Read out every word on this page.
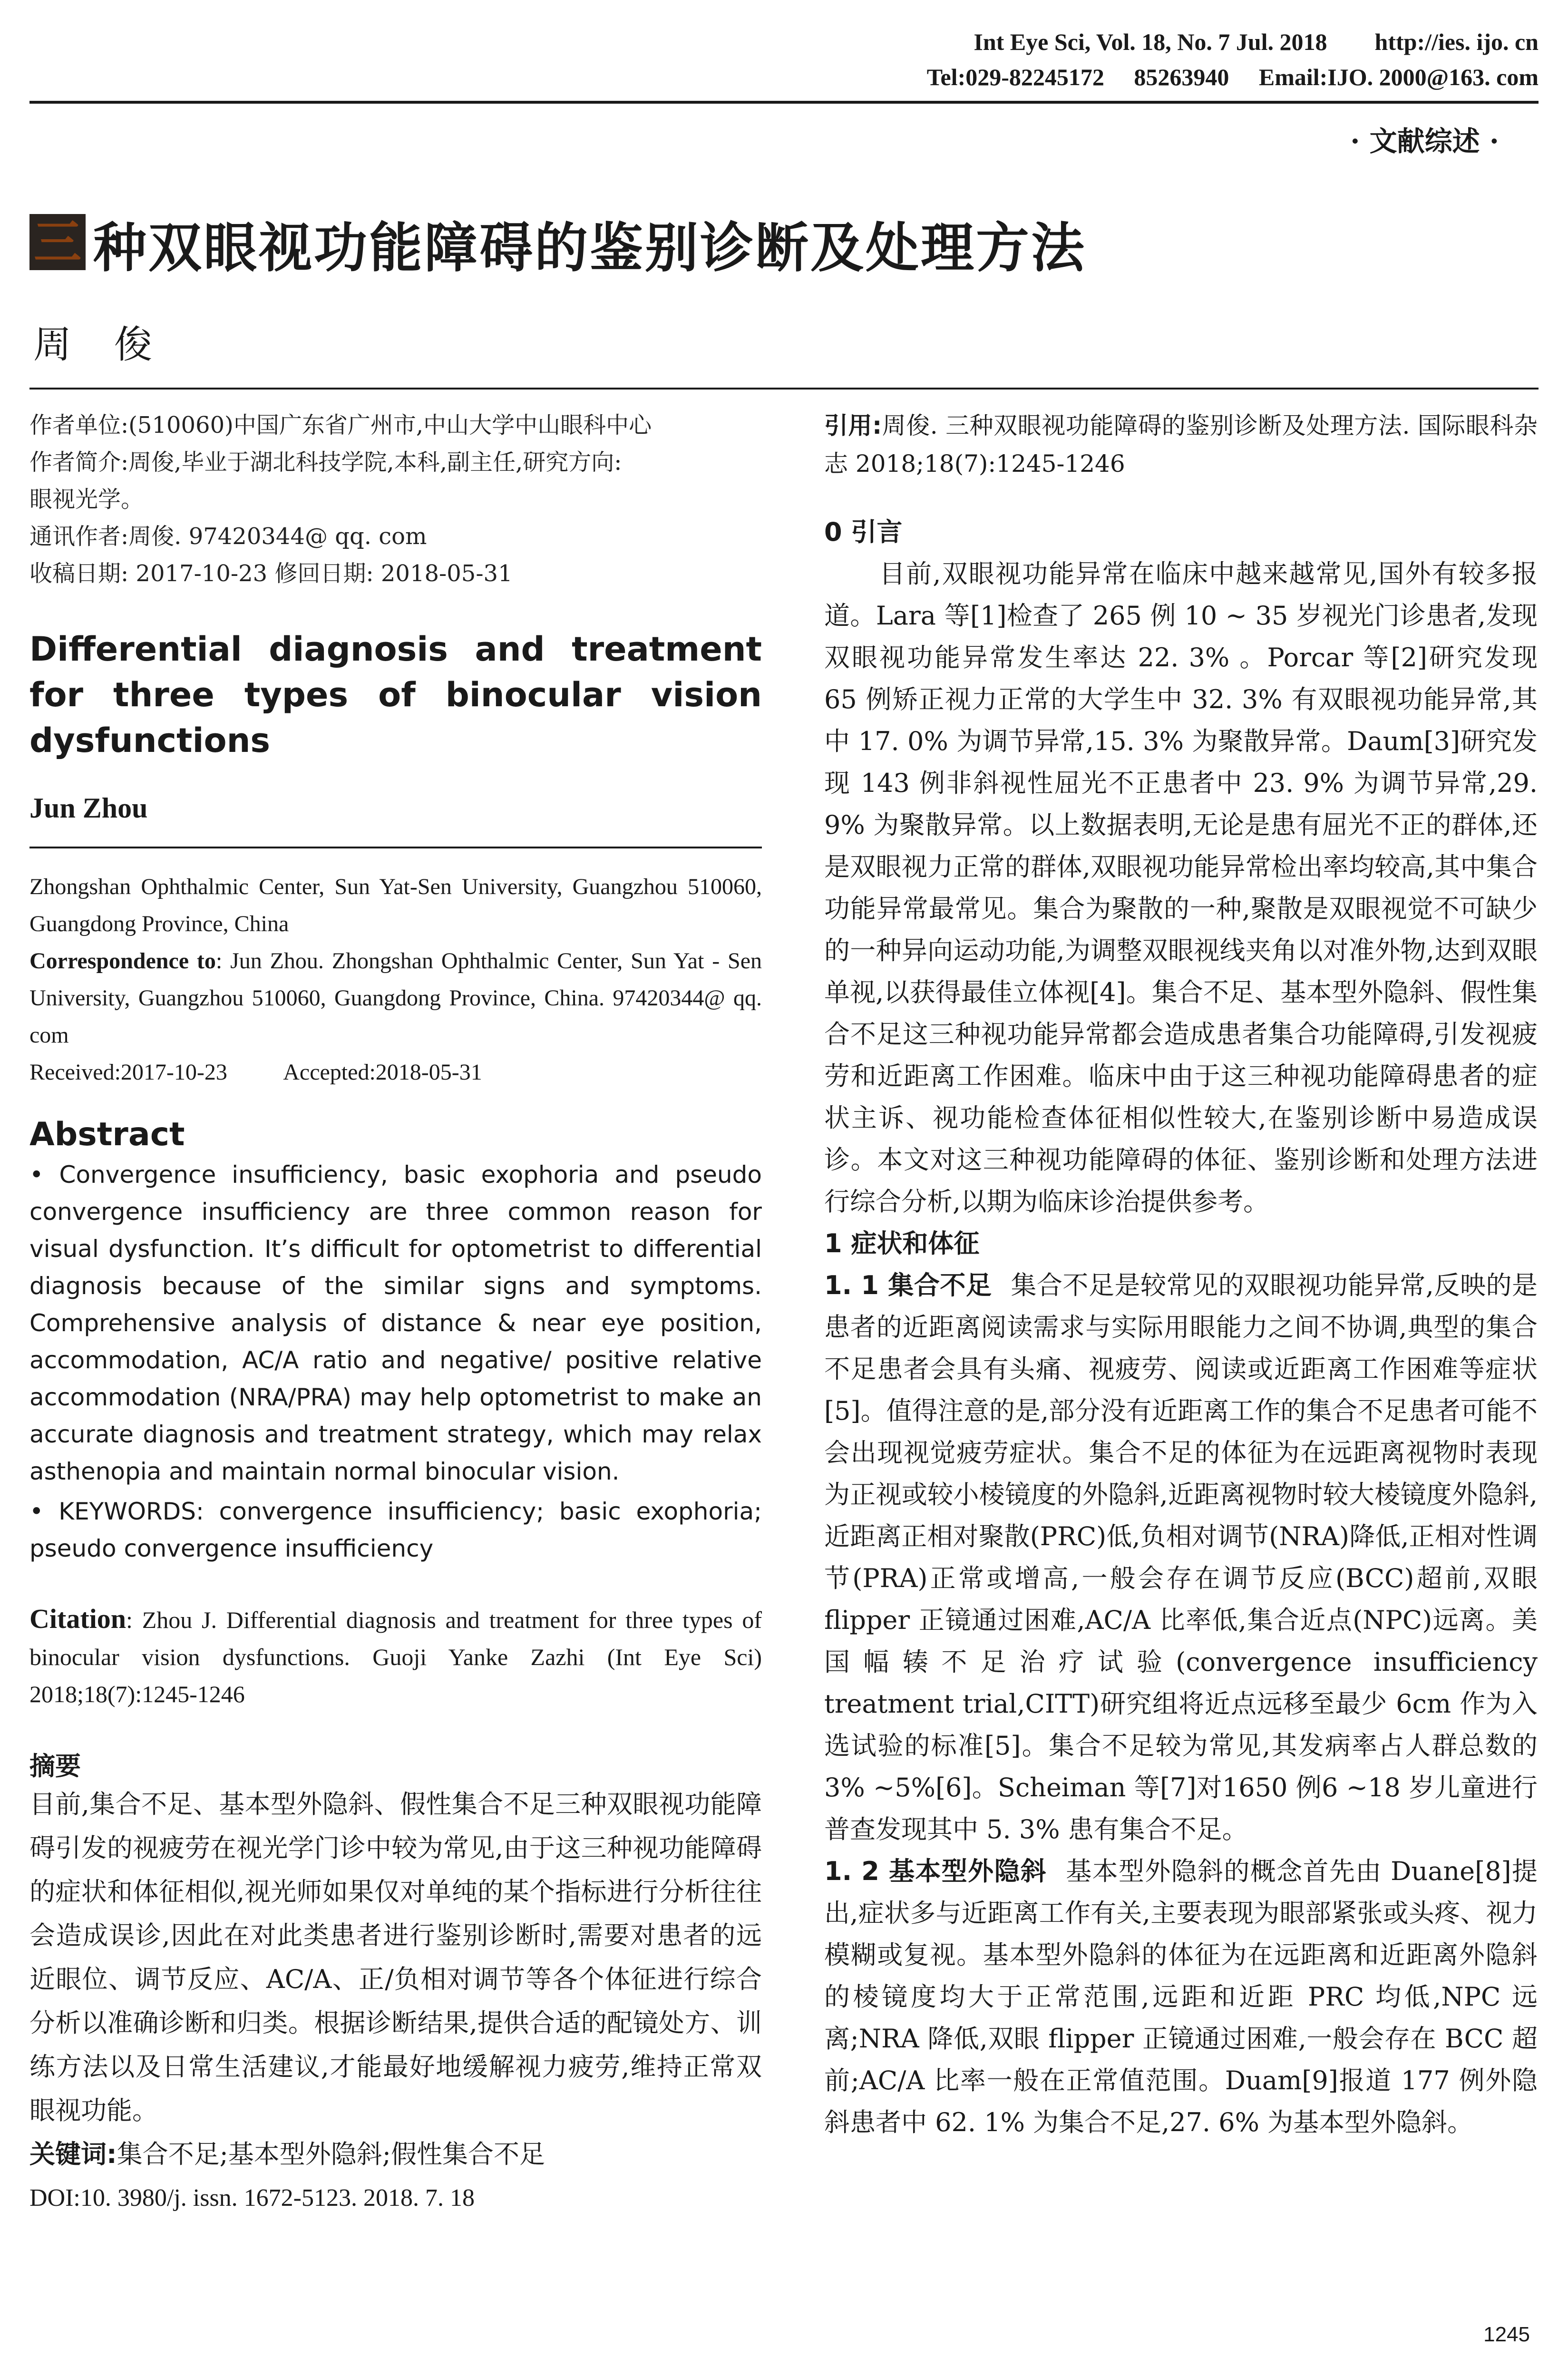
Int Eye Sci, Vol. 18, No. 7 Jul. 2018        http://ies. ijo. cn
Tel:029-82245172     85263940     Email:IJO. 2000@163. com
· 文献综述 ·
三 种双眼视功能障碍的鉴别诊断及处理方法
周俊
作者单位:(510060)中国广东省广州市,中山大学中山眼科中心
作者简介:周俊,毕业于湖北科技学院,本科,副主任,研究方向:
眼视光学。
通讯作者:周俊. 97420344@ qq. com
收稿日期: 2017-10-23 修回日期: 2018-05-31
Differential diagnosis and treatment for three types of binocular vision dysfunctions
Jun Zhou
Zhongshan Ophthalmic Center, Sun Yat-Sen University, Guangzhou 510060, Guangdong Province, China
Correspondence to: Jun Zhou. Zhongshan Ophthalmic Center, Sun Yat - Sen University, Guangzhou 510060, Guangdong Province, China. 97420344@ qq. com
Received:2017-10-23          Accepted:2018-05-31
Abstract
• Convergence insufficiency, basic exophoria and pseudo convergence insufficiency are three common reason for visual dysfunction. It’s difficult for optometrist to differential diagnosis because of the similar signs and symptoms. Comprehensive analysis of distance & near eye position, accommodation, AC/A ratio and negative/ positive relative accommodation (NRA/PRA) may help optometrist to make an accurate diagnosis and treatment strategy, which may relax asthenopia and maintain normal binocular vision.
• KEYWORDS: convergence insufficiency; basic exophoria; pseudo convergence insufficiency
Citation: Zhou J. Differential diagnosis and treatment for three types of binocular vision dysfunctions. Guoji Yanke Zazhi (Int Eye Sci) 2018;18(7):1245-1246
摘要
目前,集合不足、基本型外隐斜、假性集合不足三种双眼视功能障碍引发的视疲劳在视光学门诊中较为常见,由于这三种视功能障碍的症状和体征相似,视光师如果仅对单纯的某个指标进行分析往往会造成误诊,因此在对此类患者进行鉴别诊断时,需要对患者的远近眼位、调节反应、AC/A、正/负相对调节等各个体征进行综合分析以准确诊断和归类。根据诊断结果,提供合适的配镜处方、训练方法以及日常生活建议,才能最好地缓解视力疲劳,维持正常双眼视功能。
关键词:集合不足;基本型外隐斜;假性集合不足
DOI:10. 3980/j. issn. 1672-5123. 2018. 7. 18
引用:周俊. 三种双眼视功能障碍的鉴别诊断及处理方法. 国际眼科杂志 2018;18(7):1245-1246
0 引言
目前,双眼视功能异常在临床中越来越常见,国外有较多报道。Lara 等[1]检查了 265 例 10 ~ 35 岁视光门诊患者,发现双眼视功能异常发生率达 22. 3% 。Porcar 等[2]研究发现 65 例矫正视力正常的大学生中 32. 3% 有双眼视功能异常,其中 17. 0% 为调节异常,15. 3% 为聚散异常。Daum[3]研究发现 143 例非斜视性屈光不正患者中 23. 9% 为调节异常,29. 9% 为聚散异常。以上数据表明,无论是患有屈光不正的群体,还是双眼视力正常的群体,双眼视功能异常检出率均较高,其中集合功能异常最常见。集合为聚散的一种,聚散是双眼视觉不可缺少的一种异向运动功能,为调整双眼视线夹角以对准外物,达到双眼单视,以获得最佳立体视[4]。集合不足、基本型外隐斜、假性集合不足这三种视功能异常都会造成患者集合功能障碍,引发视疲劳和近距离工作困难。临床中由于这三种视功能障碍患者的症状主诉、视功能检查体征相似性较大,在鉴别诊断中易造成误诊。本文对这三种视功能障碍的体征、鉴别诊断和处理方法进行综合分析,以期为临床诊治提供参考。
1 症状和体征
1. 1 集合不足 集合不足是较常见的双眼视功能异常,反映的是患者的近距离阅读需求与实际用眼能力之间不协调,典型的集合不足患者会具有头痛、视疲劳、阅读或近距离工作困难等症状[5]。值得注意的是,部分没有近距离工作的集合不足患者可能不会出现视觉疲劳症状。集合不足的体征为在远距离视物时表现为正视或较小棱镜度的外隐斜,近距离视物时较大棱镜度外隐斜,近距离正相对聚散(PRC)低,负相对调节(NRA)降低,正相对性调节(PRA)正常或增高,一般会存在调节反应(BCC)超前,双眼 flipper 正镜通过困难,AC/A 比率低,集合近点(NPC)远离。美国幅辏不足治疗试验(convergence insufficiency treatment trial,CITT)研究组将近点远移至最少 6cm 作为入选试验的标准[5]。集合不足较为常见,其发病率占人群总数的3% ~5%[6]。Scheiman 等[7]对1650 例6 ~18 岁儿童进行普查发现其中 5. 3% 患有集合不足。
1. 2 基本型外隐斜 基本型外隐斜的概念首先由 Duane[8]提出,症状多与近距离工作有关,主要表现为眼部紧张或头疼、视力模糊或复视。基本型外隐斜的体征为在远距离和近距离外隐斜的棱镜度均大于正常范围,远距和近距 PRC 均低,NPC 远离;NRA 降低,双眼 flipper 正镜通过困难,一般会存在 BCC 超前;AC/A 比率一般在正常值范围。Duam[9]报道 177 例外隐斜患者中 62. 1% 为集合不足,27. 6% 为基本型外隐斜。
1245
